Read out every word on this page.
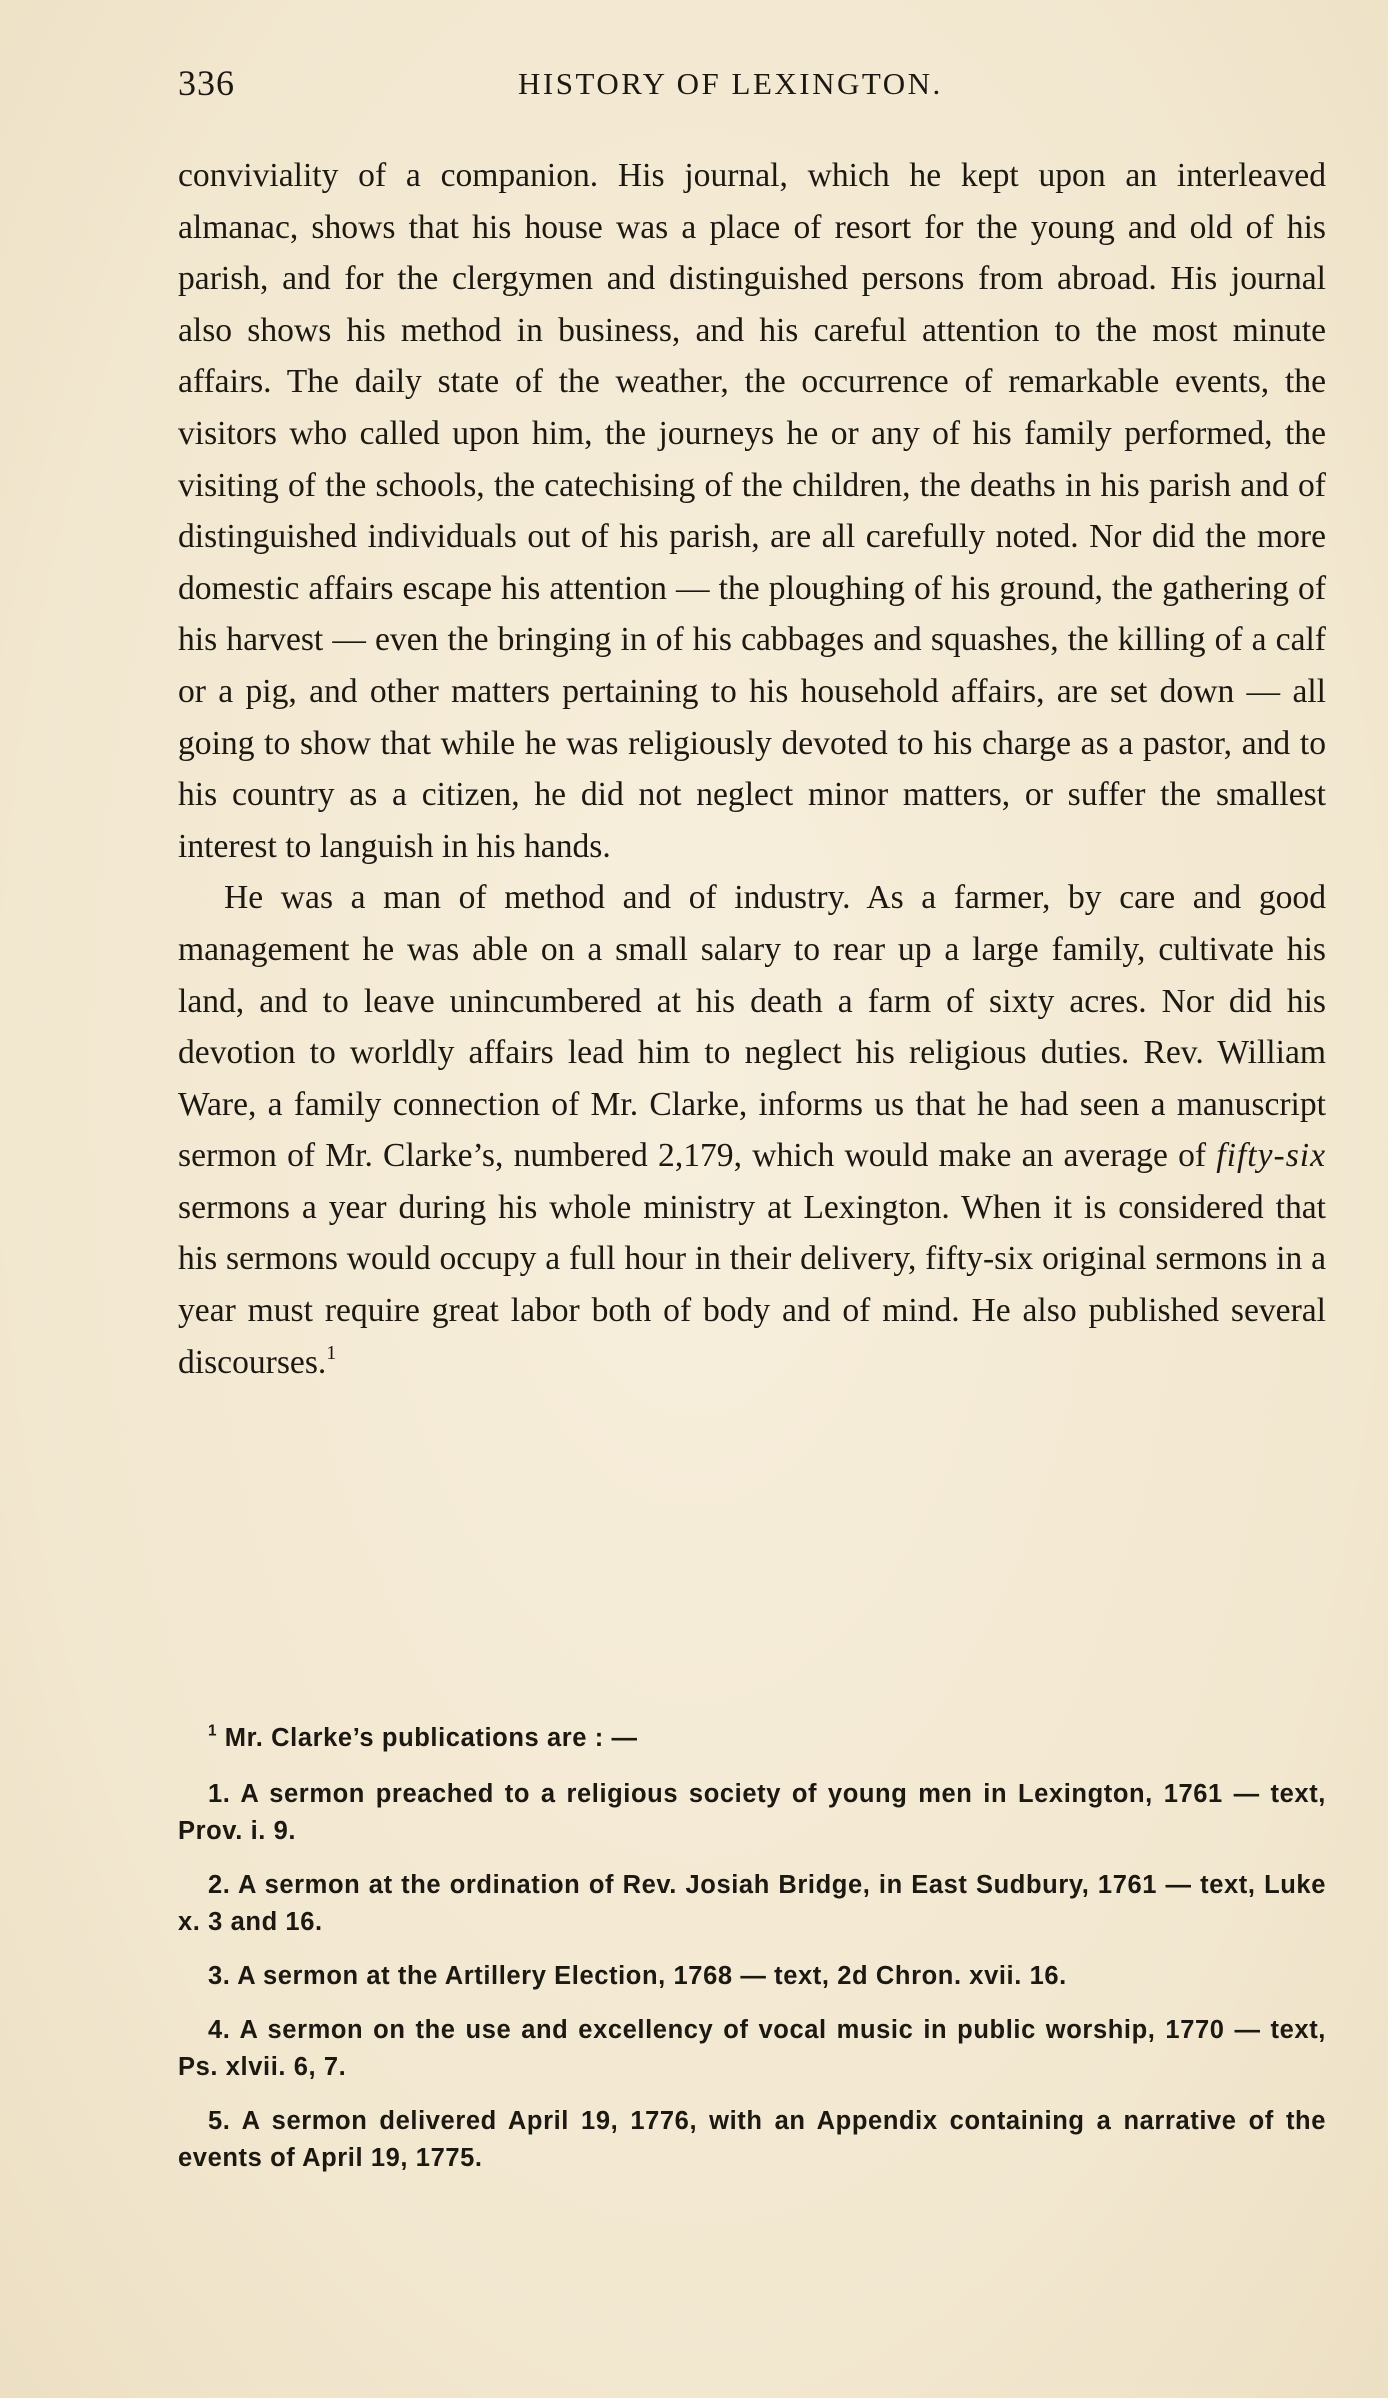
336	HISTORY OF LEXINGTON.

conviviality of a companion. His journal, which he kept upon an interleaved almanac, shows that his house was a place of resort for the young and old of his parish, and for the clergymen and distinguished persons from abroad. His journal also shows his method in business, and his careful attention to the most minute affairs. The daily state of the weather, the occurrence of remarkable events, the visitors who called upon him, the journeys he or any of his family performed, the visiting of the schools, the catechising of the children, the deaths in his parish and of distinguished individuals out of his parish, are all carefully noted. Nor did the more domestic affairs escape his attention — the ploughing of his ground, the gathering of his harvest — even the bringing in of his cabbages and squashes, the killing of a calf or a pig, and other matters pertaining to his household affairs, are set down — all going to show that while he was religiously devoted to his charge as a pastor, and to his country as a citizen, he did not neglect minor matters, or suffer the smallest interest to languish in his hands.

He was a man of method and of industry. As a farmer, by care and good management he was able on a small salary to rear up a large family, cultivate his land, and to leave unincumbered at his death a farm of sixty acres. Nor did his devotion to worldly affairs lead him to neglect his religious duties. Rev. William Ware, a family connection of Mr. Clarke, informs us that he had seen a manuscript sermon of Mr. Clarke’s, numbered 2,179, which would make an average of fifty-six sermons a year during his whole ministry at Lexington. When it is considered that his sermons would occupy a full hour in their delivery, fifty-six original sermons in a year must require great labor both of body and of mind. He also published several discourses.$^1$

$^1$ Mr. Clarke’s publications are : —

1. A sermon preached to a religious society of young men in Lexington, 1761 — text, Prov. i. 9.

2. A sermon at the ordination of Rev. Josiah Bridge, in East Sudbury, 1761 — text, Luke x. 3 and 16.

3. A sermon at the Artillery Election, 1768 — text, 2d Chron. xvii. 16.

4. A sermon on the use and excellency of vocal music in public worship, 1770 — text, Ps. xlvii. 6, 7.

5. A sermon delivered April 19, 1776, with an Appendix containing a narrative of the events of April 19, 1775.
